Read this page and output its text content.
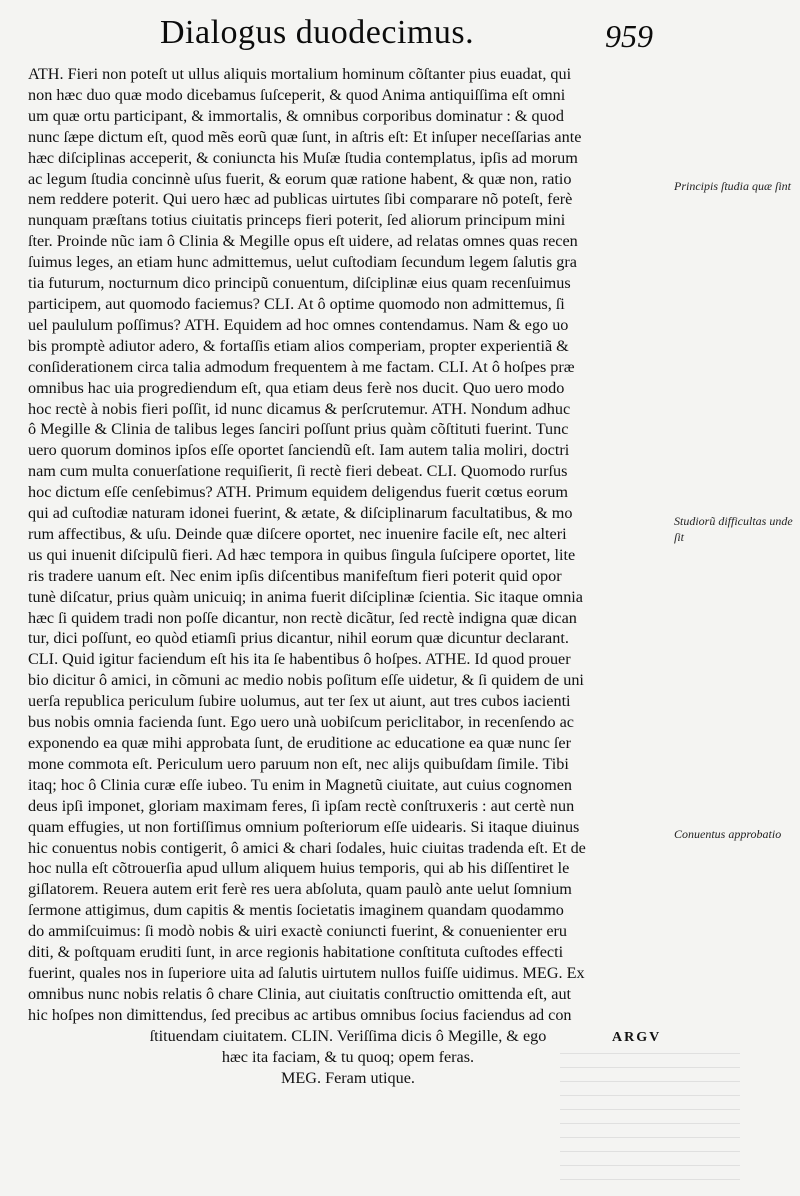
Dialogus duodecimus.	959
ATH. Fieri non poteſt ut ullus aliquis mortalium hominum cõſtanter pius euadat, qui
non hæc duo quæ modo dicebamus ſuſceperit, & quod Anima antiquiſſima eſt omni
um quæ ortu participant, & immortalis, & omnibus corporibus dominatur : & quod
nunc ſæpe dictum eſt, quod mẽs eorũ quæ ſunt, in aſtris eſt: Et inſuper neceſſarias ante
hæc diſciplinas acceperit, & coniuncta his Muſæ ſtudia contemplatus, ipſis ad morum
ac legum ſtudia concinnè uſus fuerit, & eorum quæ ratione habent, & quæ non, ratio
nem reddere poterit. Qui uero hæc ad publicas uirtutes ſibi comparare nõ poteſt, ferè
nunquam præſtans totius ciuitatis princeps fieri poterit, ſed aliorum principum mini
ſter. Proinde nũc iam ô Clinia & Megille opus eſt uidere, ad relatas omnes quas recen
ſuimus leges, an etiam hunc admittemus, uelut cuſtodiam ſecundum legem ſalutis gra
tia futurum, nocturnum dico principũ conuentum, diſciplinæ eius quam recenſuimus
participem, aut quomodo faciemus? CLI. At ô optime quomodo non admittemus, ſi
uel paululum poſſimus? ATH. Equidem ad hoc omnes contendamus. Nam & ego uo
bis promptè adiutor adero, & fortaſſis etiam alios comperiam, propter experientiã &
conſiderationem circa talia admodum frequentem à me factam. CLI. At ô hoſpes præ
omnibus hac uia progrediendum eſt, qua etiam deus ferè nos ducit. Quo uero modo
hoc rectè à nobis fieri poſſit, id nunc dicamus & perſcrutemur. ATH. Nondum adhuc
ô Megille & Clinia de talibus leges ſanciri poſſunt prius quàm cõſtituti fuerint. Tunc
uero quorum dominos ipſos eſſe oportet ſanciendũ eſt. Iam autem talia moliri, doctri
nam cum multa conuerſatione requiſierit, ſi rectè fieri debeat. CLI. Quomodo rurſus
hoc dictum eſſe cenſebimus? ATH. Primum equidem deligendus fuerit cœtus eorum
qui ad cuſtodiæ naturam idonei fuerint, & ætate, & diſciplinarum facultatibus, & mo
rum affectibus, & uſu. Deinde quæ diſcere oportet, nec inuenire facile eſt, nec alteri
us qui inuenit diſcipulũ fieri. Ad hæc tempora in quibus ſingula ſuſcipere oportet, lite
ris tradere uanum eſt. Nec enim ipſis diſcentibus manifeſtum fieri poterit quid opor
tunè diſcatur, prius quàm unicuiq; in anima fuerit diſciplinæ ſcientia. Sic itaque omnia
hæc ſi quidem tradi non poſſe dicantur, non rectè dicãtur, ſed rectè indigna quæ dican
tur, dici poſſunt, eo quòd etiamſi prius dicantur, nihil eorum quæ dicuntur declarant.
CLI. Quid igitur faciendum eſt his ita ſe habentibus ô hoſpes. ATHE. Id quod prouer
bio dicitur ô amici, in cõmuni ac medio nobis poſitum eſſe uidetur, & ſi quidem de uni
uerſa republica periculum ſubire uolumus, aut ter ſex ut aiunt, aut tres cubos iacienti
bus nobis omnia facienda ſunt. Ego uero unà uobiſcum periclitabor, in recenſendo ac
exponendo ea quæ mihi approbata ſunt, de eruditione ac educatione ea quæ nunc ſer
mone commota eſt. Periculum uero paruum non eſt, nec alijs quibuſdam ſimile. Tibi
itaq; hoc ô Clinia curæ eſſe iubeo. Tu enim in Magnetũ ciuitate, aut cuius cognomen
deus ipſi imponet, gloriam maximam feres, ſi ipſam rectè conſtruxeris : aut certè nun
quam effugies, ut non fortiſſimus omnium poſteriorum eſſe uidearis. Si itaque diuinus
hic conuentus nobis contigerit, ô amici & chari ſodales, huic ciuitas tradenda eſt. Et de
hoc nulla eſt cõtrouerſia apud ullum aliquem huius temporis, qui ab his diſſentiret le
giſlatorem. Reuera autem erit ferè res uera abſoluta, quam paulò ante uelut ſomnium
ſermone attigimus, dum capitis & mentis ſocietatis imaginem quandam quodammo
do ammiſcuimus: ſi modò nobis & uiri exactè coniuncti fuerint, & conuenienter eru
diti, & poſtquam eruditi ſunt, in arce regionis habitatione conſtituta cuſtodes effecti
fuerint, quales nos in ſuperiore uita ad ſalutis uirtutem nullos fuiſſe uidimus. MEG. Ex
omnibus nunc nobis relatis ô chare Clinia, aut ciuitatis conſtructio omittenda eſt, aut
hic hoſpes non dimittendus, ſed precibus ac artibus omnibus ſocius faciendus ad con
ſtituendam ciuitatem. CLIN. Veriſſima dicis ô Megille, & ego
hæc ita faciam, & tu quoq; opem feras.
MEG. Feram utique.
Principis ſtudia quæ ſint
Studiorũ difficultas unde ſit
Conuentus approbatio
ARGV
